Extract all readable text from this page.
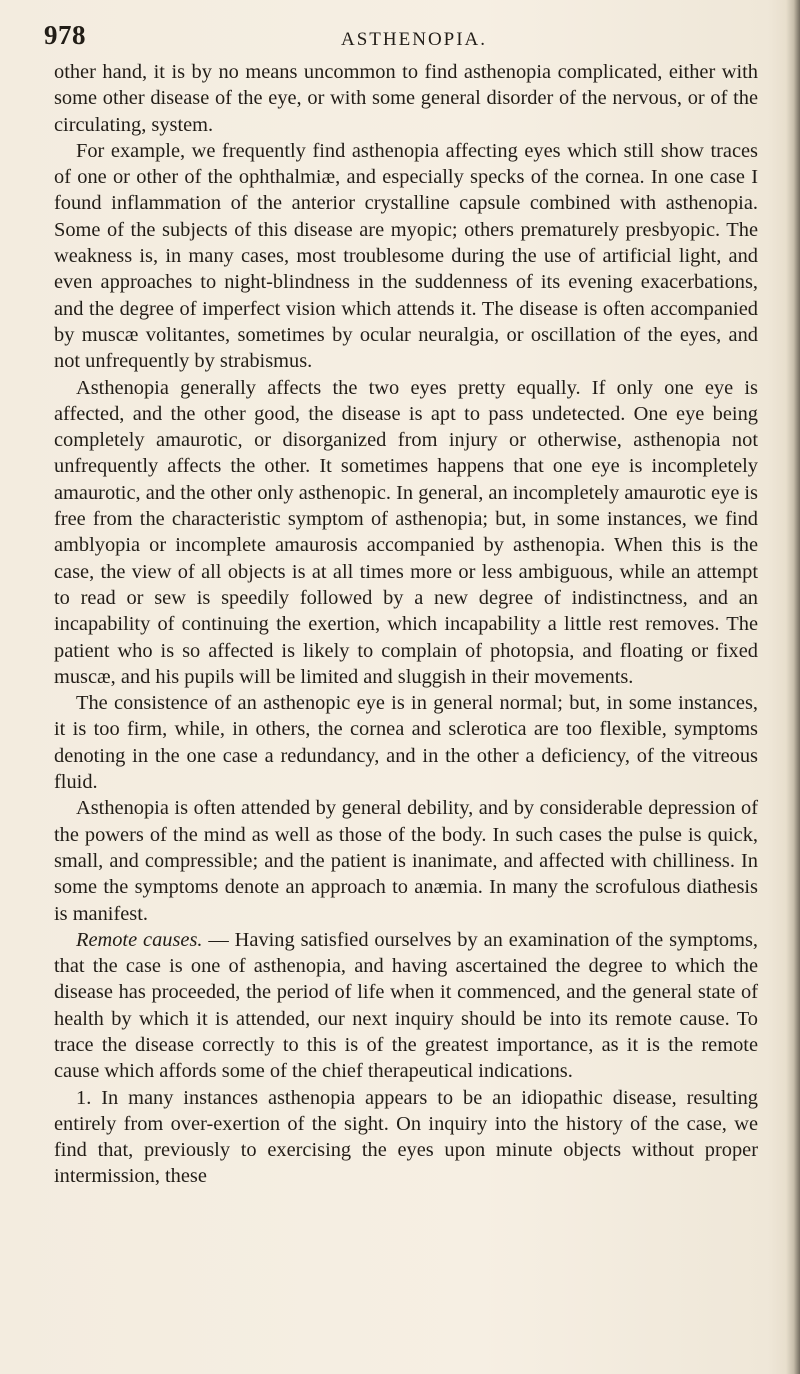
978	ASTHENOPIA.

other hand, it is by no means uncommon to find asthenopia complicated, either with some other disease of the eye, or with some general disorder of the nervous, or of the circulating, system.

For example, we frequently find asthenopia affecting eyes which still show traces of one or other of the ophthalmiæ, and especially specks of the cornea. In one case I found inflammation of the anterior crystalline capsule combined with asthenopia. Some of the subjects of this disease are myopic; others prematurely presbyopic. The weakness is, in many cases, most troublesome during the use of artificial light, and even approaches to night-blindness in the suddenness of its evening exacerbations, and the degree of imperfect vision which attends it. The disease is often accompanied by muscæ volitantes, sometimes by ocular neuralgia, or oscillation of the eyes, and not unfrequently by strabismus.

Asthenopia generally affects the two eyes pretty equally. If only one eye is affected, and the other good, the disease is apt to pass undetected. One eye being completely amaurotic, or disorganized from injury or otherwise, asthenopia not unfrequently affects the other. It sometimes happens that one eye is incompletely amaurotic, and the other only asthenopic. In general, an incompletely amaurotic eye is free from the characteristic symptom of asthenopia; but, in some instances, we find amblyopia or incomplete amaurosis accompanied by asthenopia. When this is the case, the view of all objects is at all times more or less ambiguous, while an attempt to read or sew is speedily followed by a new degree of indistinctness, and an incapability of continuing the exertion, which incapability a little rest removes. The patient who is so affected is likely to complain of photopsia, and floating or fixed muscæ, and his pupils will be limited and sluggish in their movements.

The consistence of an asthenopic eye is in general normal; but, in some instances, it is too firm, while, in others, the cornea and sclerotica are too flexible, symptoms denoting in the one case a redundancy, and in the other a deficiency, of the vitreous fluid.

Asthenopia is often attended by general debility, and by considerable depression of the powers of the mind as well as those of the body. In such cases the pulse is quick, small, and compressible; and the patient is inanimate, and affected with chilliness. In some the symptoms denote an approach to anæmia. In many the scrofulous diathesis is manifest.

Remote causes. — Having satisfied ourselves by an examination of the symptoms, that the case is one of asthenopia, and having ascertained the degree to which the disease has proceeded, the period of life when it commenced, and the general state of health by which it is attended, our next inquiry should be into its remote cause. To trace the disease correctly to this is of the greatest importance, as it is the remote cause which affords some of the chief therapeutical indications.

1. In many instances asthenopia appears to be an idiopathic disease, resulting entirely from over-exertion of the sight. On inquiry into the history of the case, we find that, previously to exercising the eyes upon minute objects without proper intermission, these
